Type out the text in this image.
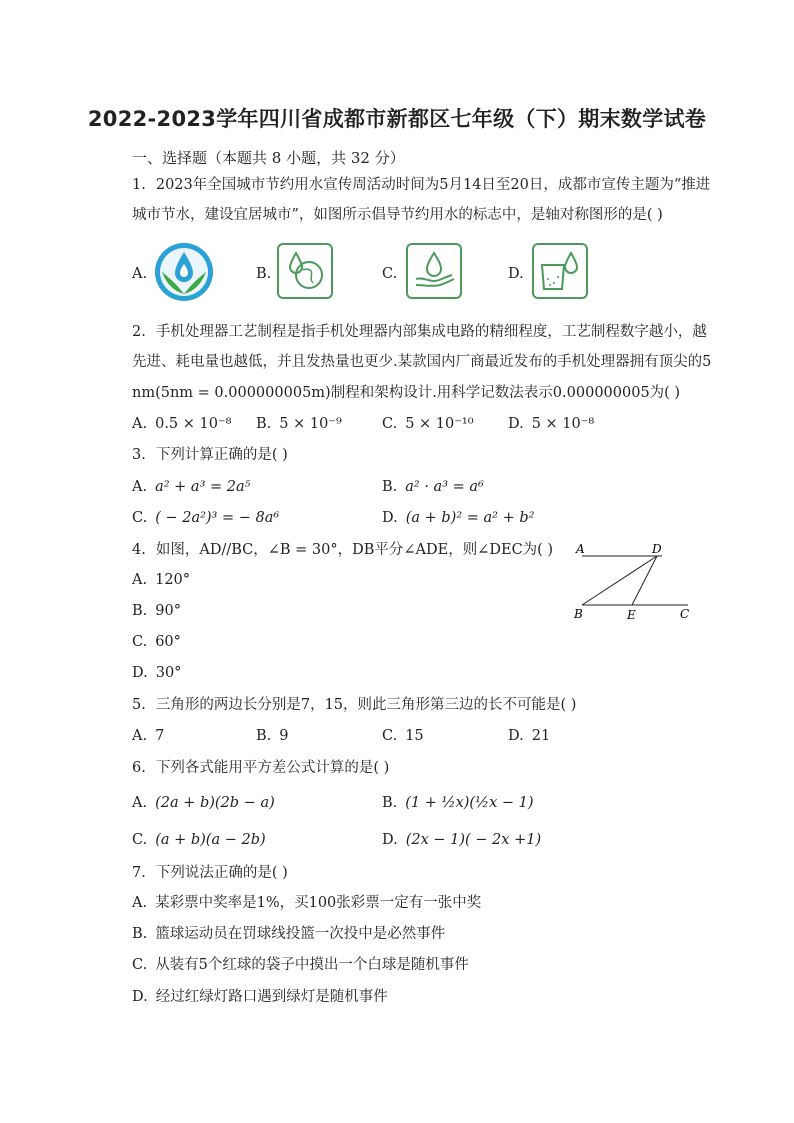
2022-2023学年四川省成都市新都区七年级（下）期末数学试卷
一、选择题（本题共 8 小题，共 32 分）
1. 2023年全国城市节约用水宣传周活动时间为5月14日至20日，成都市宣传主题为“推进
城市节水，建设宜居城市”，如图所示倡导节约用水的标志中，是轴对称图形的是( )
A.	B.	C.	D.
2. 手机处理器工艺制程是指手机处理器内部集成电路的精细程度，工艺制程数字越小，越
先进、耗电量也越低，并且发热量也更少.某款国内厂商最近发布的手机处理器拥有顶尖的5
nm(5nm = 0.000000005m)制程和架构设计.用科学记数法表示0.000000005为( )
A. 0.5 × 10⁻⁸ B. 5 × 10⁻⁹	C. 5 × 10⁻¹⁰ D. 5 × 10⁻⁸
3. 下列计算正确的是( )
A. a² + a³ = 2a⁵	B. a² · a³ = a⁶
C. ( − 2a²)³ = − 8a⁶	D. (a + b)² = a² + b²
4. 如图，AD//BC，∠B = 30°，DB平分∠ADE，则∠DEC为( )
A. 120°
B. 90°
C. 60°
D. 30°
A	D
B	E	C
5. 三角形的两边长分别是7，15，则此三角形第三边的长不可能是( )
A. 7	B. 9	C. 15	D. 21
6. 下列各式能用平方差公式计算的是( )
A. (2a + b)(2b − a)	B. (1 + ½x)(½x − 1)
C. (a + b)(a − 2b)	D. (2x − 1)( − 2x +1)
7. 下列说法正确的是( )
A. 某彩票中奖率是1%，买100张彩票一定有一张中奖
B. 篮球运动员在罚球线投篮一次投中是必然事件
C. 从装有5个红球的袋子中摸出一个白球是随机事件
D. 经过红绿灯路口遇到绿灯是随机事件
